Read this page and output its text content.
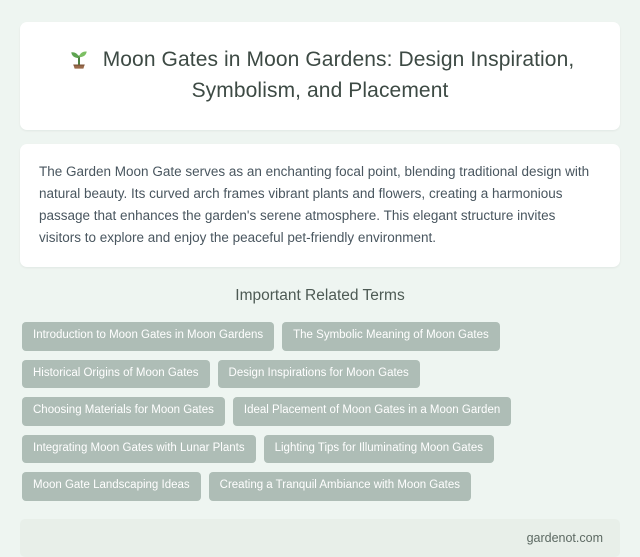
Moon Gates in Moon Gardens: Design Inspiration, Symbolism, and Placement
The Garden Moon Gate serves as an enchanting focal point, blending traditional design with natural beauty. Its curved arch frames vibrant plants and flowers, creating a harmonious passage that enhances the garden's serene atmosphere. This elegant structure invites visitors to explore and enjoy the peaceful pet-friendly environment.
Important Related Terms
Introduction to Moon Gates in Moon Gardens	The Symbolic Meaning of Moon Gates
Historical Origins of Moon Gates	Design Inspirations for Moon Gates
Choosing Materials for Moon Gates	Ideal Placement of Moon Gates in a Moon Garden
Integrating Moon Gates with Lunar Plants	Lighting Tips for Illuminating Moon Gates
Moon Gate Landscaping Ideas	Creating a Tranquil Ambiance with Moon Gates
gardenot.com
